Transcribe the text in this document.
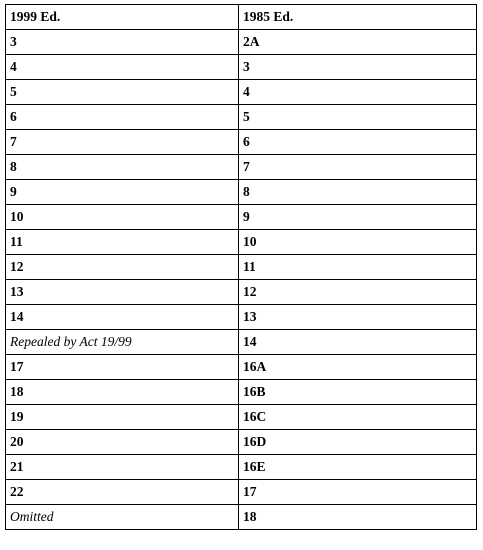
1999 Ed.	1985 Ed.
3	2A
4	3
5	4
6	5
7	6
8	7
9	8
10	9
11	10
12	11
13	12
14	13
Repealed by Act 19/99	14
17	16A
18	16B
19	16C
20	16D
21	16E
22	17
Omitted	18
